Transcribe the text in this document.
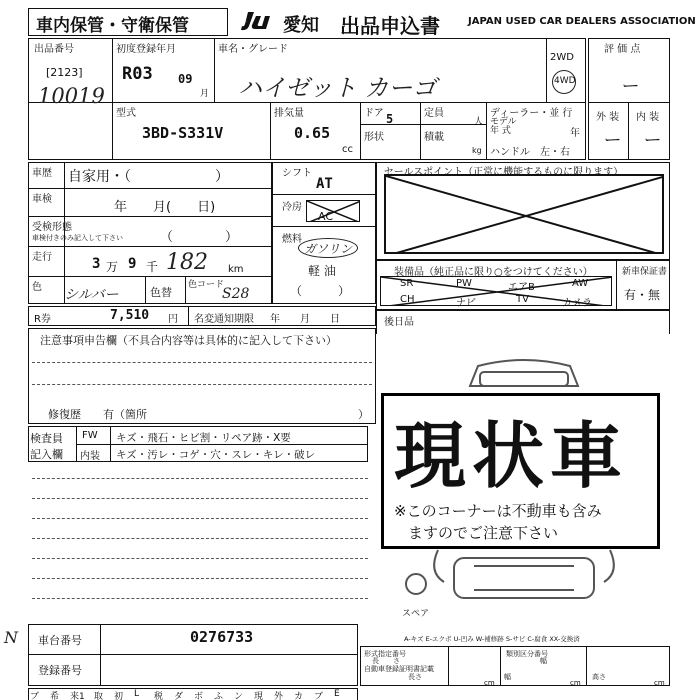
車内保管・守衛保管	JU 愛知 出品申込書	JAPAN USED CAR DEALERS ASSOCIATION
出品番号
[2123]
10019
初度登録年月
R03 09
月
車名・グレード
ハイゼット カーゴ
2WD
4WD
評 価 点
ー
外 装 内 装
ー ー
型式
3BD-S331V
排気量
0.65
cc
ドア 5	定員
人
形状	積載
kg
ディーラー・並 行
モデル
年 式	年
ハンドル　左・右
車歴 自家用・（　　　　　　）
車検
年　　月(　　日)
受検形態
車検付きのみ記入して下さい	（　　　　）
走行	3 万 9 千 182 km
色 シルバー	色替
色コード
S28
シフト
AT
冷房
AC
燃料
ガソリン
軽 油
（　　　）
セールスポイント（正常に機能するものに限ります）
装備品（純正品に限り○をつけてください）
SR	PW	エアB	AW
CH	ナビ	TV	カメラ
新車保証書
有・無
R券	7,510 円 名変通知期限 年　　月　　日	後日品
注意事項申告欄（不具合内容等は具体的に記入して下さい）
修復歴　　有（箇所	）
検査員
記入欄
FW キズ・飛石・ヒビ割・リペア跡・X要
内装 キズ・汚レ・コゲ・穴・スレ・キレ・破レ
スペア
A-キズ E-エクボ U-凹み W-補修跡 S-サビ C-腐食 XX-交換済
現状車
※このコーナーは不動車も含み
ますのでご注意下さい
N 車台番号	0276733
登録番号
形式指定番号	類別区分番号
自動車登録証明書記載
長さ
cm
幅
cm
高さ
cm
長　　さ	幅
ブ	希	来1	取	初	L	税	ダ	ボ	ふ	ン	現	外	カ	ブ	E
